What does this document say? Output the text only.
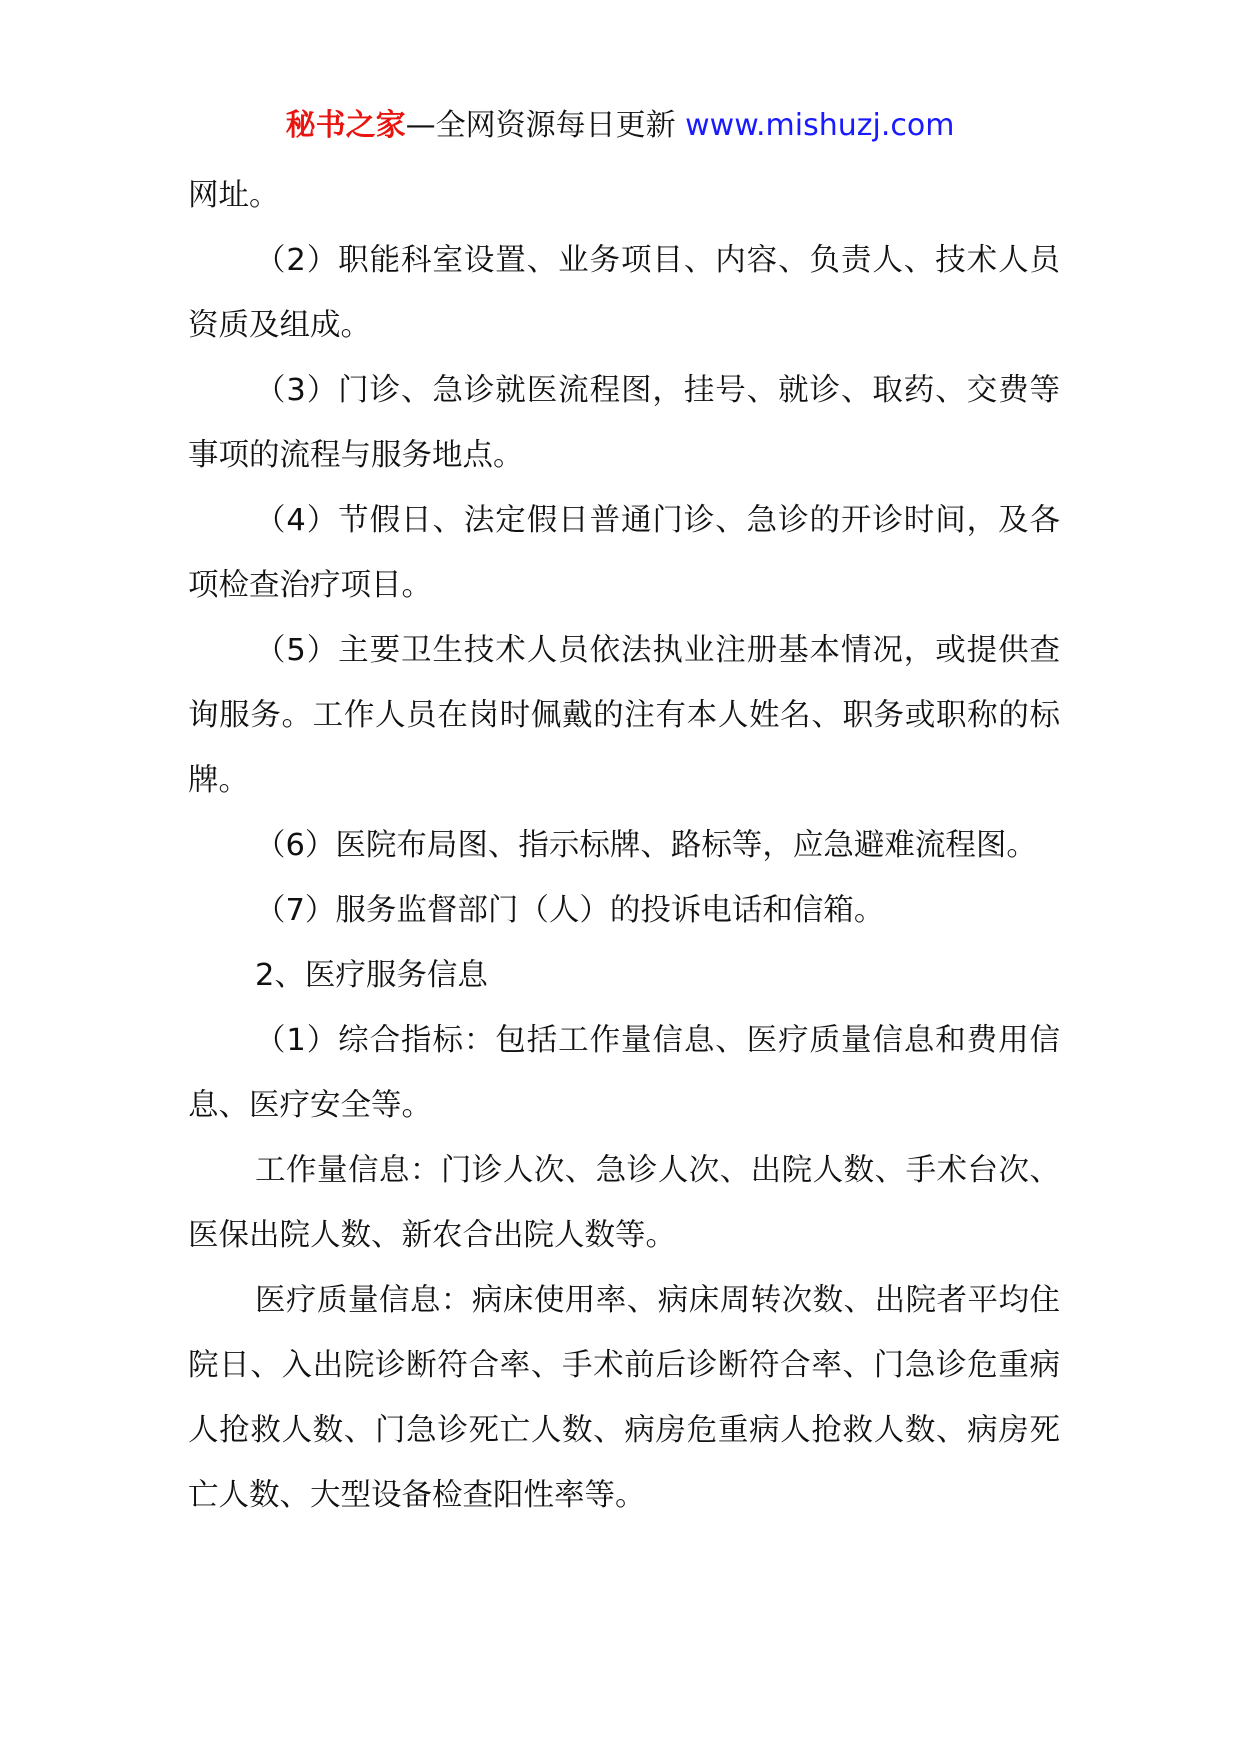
秘书之家—全网资源每日更新 www.mishuzj.com

网址。

（2）职能科室设置、业务项目、内容、负责人、技术人员资质及组成。

（3）门诊、急诊就医流程图，挂号、就诊、取药、交费等事项的流程与服务地点。

（4）节假日、法定假日普通门诊、急诊的开诊时间，及各项检查治疗项目。

（5）主要卫生技术人员依法执业注册基本情况，或提供查询服务。工作人员在岗时佩戴的注有本人姓名、职务或职称的标牌。

（6）医院布局图、指示标牌、路标等，应急避难流程图。

（7）服务监督部门（人）的投诉电话和信箱。

2、医疗服务信息

（1）综合指标：包括工作量信息、医疗质量信息和费用信息、医疗安全等。

工作量信息：门诊人次、急诊人次、出院人数、手术台次、医保出院人数、新农合出院人数等。

医疗质量信息：病床使用率、病床周转次数、出院者平均住院日、入出院诊断符合率、手术前后诊断符合率、门急诊危重病人抢救人数、门急诊死亡人数、病房危重病人抢救人数、病房死亡人数、大型设备检查阳性率等。
